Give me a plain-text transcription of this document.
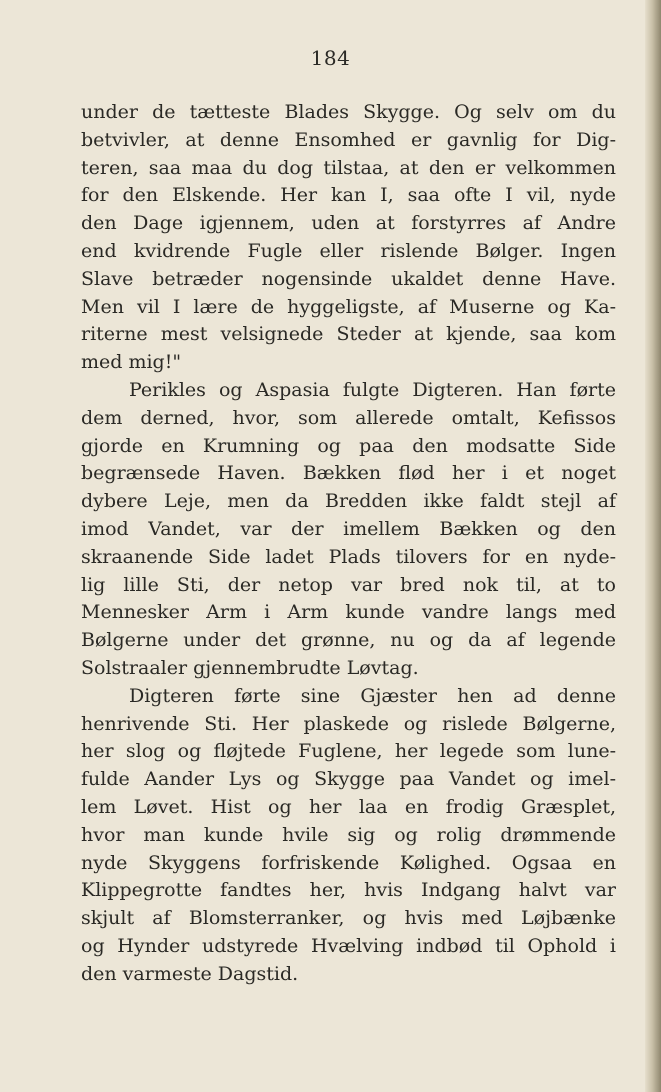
184
under de tætteste Blades Skygge. Og selv om du
betvivler, at denne Ensomhed er gavnlig for Dig-
teren, saa maa du dog tilstaa, at den er velkommen
for den Elskende. Her kan I, saa ofte I vil, nyde
den Dage igjennem, uden at forstyrres af Andre
end kvidrende Fugle eller rislende Bølger. Ingen
Slave betræder nogensinde ukaldet denne Have.
Men vil I lære de hyggeligste, af Muserne og Ka-
riterne mest velsignede Steder at kjende, saa kom
med mig!"
Perikles og Aspasia fulgte Digteren. Han førte
dem derned, hvor, som allerede omtalt, Kefissos
gjorde en Krumning og paa den modsatte Side
begrænsede Haven. Bækken flød her i et noget
dybere Leje, men da Bredden ikke faldt stejl af
imod Vandet, var der imellem Bækken og den
skraanende Side ladet Plads tilovers for en nyde-
lig lille Sti, der netop var bred nok til, at to
Mennesker Arm i Arm kunde vandre langs med
Bølgerne under det grønne, nu og da af legende
Solstraaler gjennembrudte Løvtag.
Digteren førte sine Gjæster hen ad denne
henrivende Sti. Her plaskede og rislede Bølgerne,
her slog og fløjtede Fuglene, her legede som lune-
fulde Aander Lys og Skygge paa Vandet og imel-
lem Løvet. Hist og her laa en frodig Græsplet,
hvor man kunde hvile sig og rolig drømmende
nyde Skyggens forfriskende Kølighed. Ogsaa en
Klippegrotte fandtes her, hvis Indgang halvt var
skjult af Blomsterranker, og hvis med Løjbænke
og Hynder udstyrede Hvælving indbød til Ophold i
den varmeste Dagstid.
